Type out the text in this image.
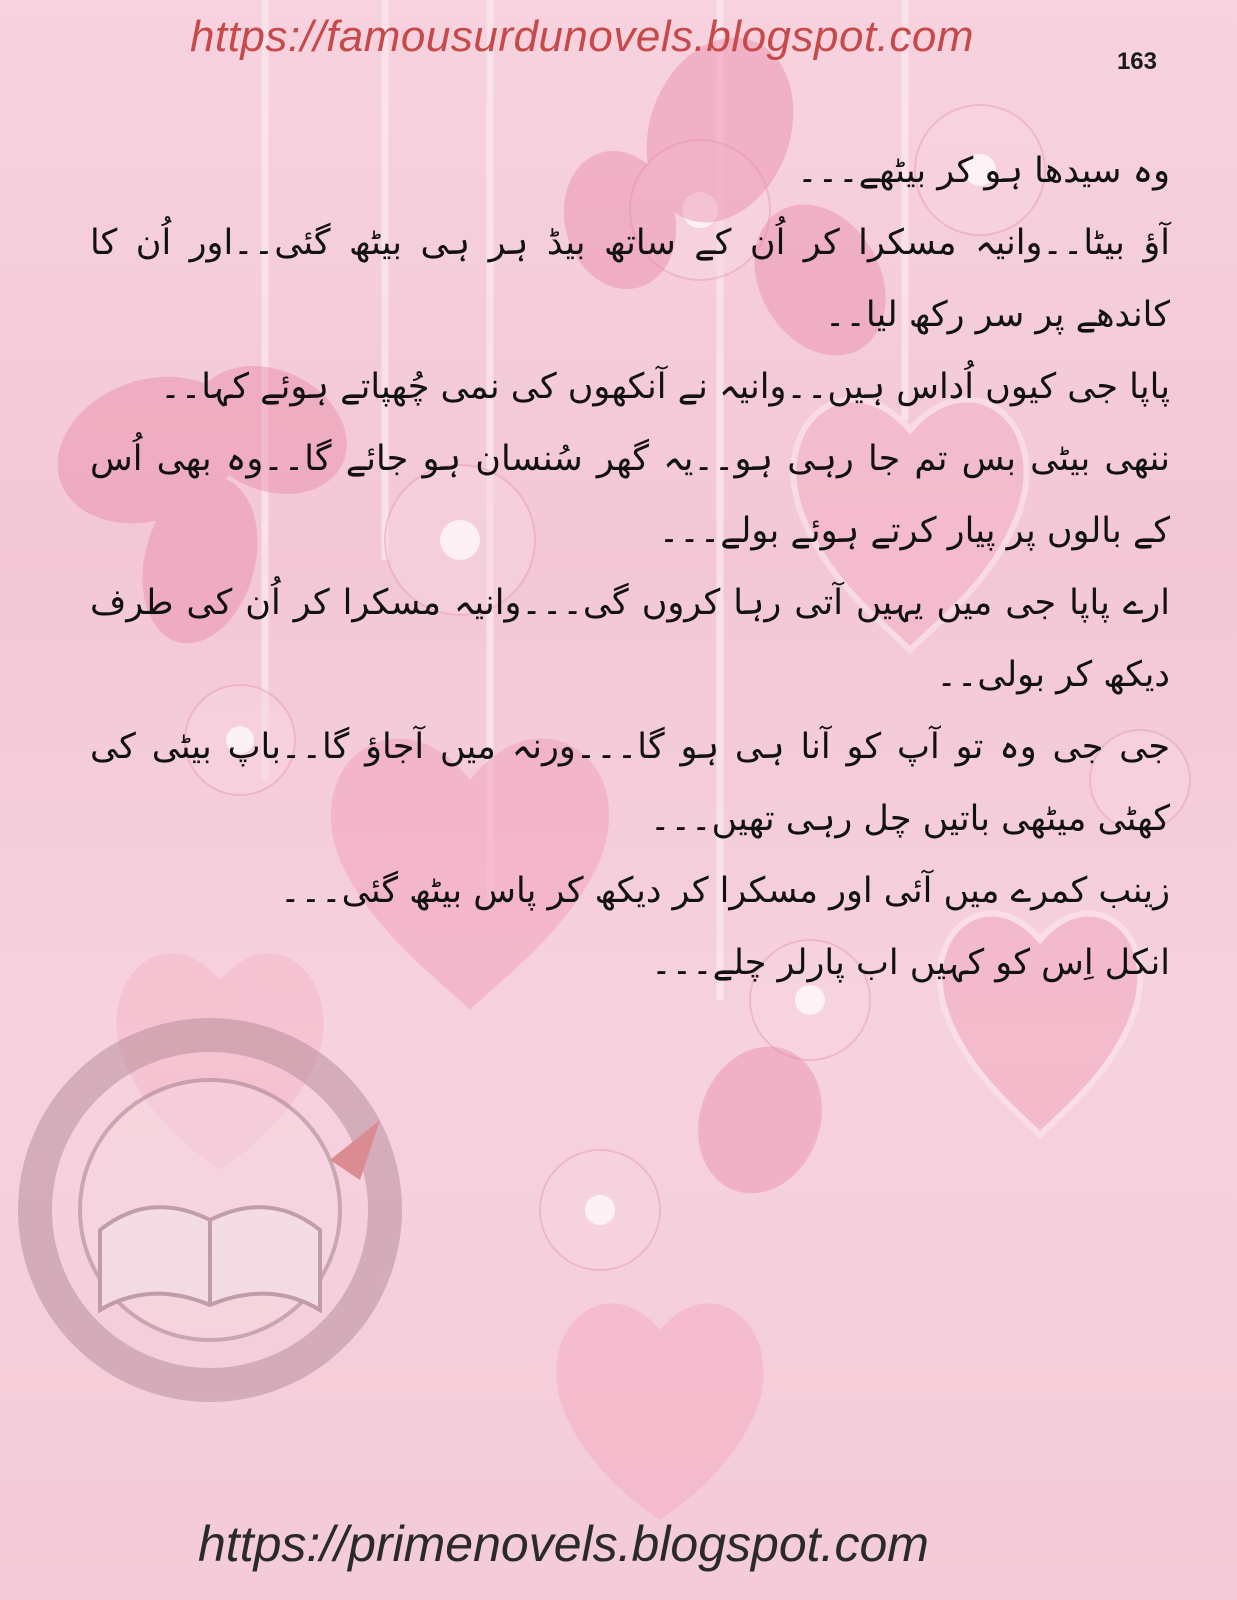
https://famousurdunovels.blogspot.com
163

وہ سیدھا ہو کر بیٹھے۔۔۔

آؤ بیٹا۔۔وانیہ مسکرا کر اُن کے ساتھ بیڈ ہر ہی بیٹھ گئی۔۔اور اُن کا کاندھے پر سر رکھ لیا۔۔

پاپا جی کیوں اُداس ہیں۔۔وانیہ نے آنکھوں کی نمی چُھپاتے ہوئے کہا۔۔

ننھی بیٹی بس تم جا رہی ہو۔۔یہ گھر سُنسان ہو جائے گا۔۔وہ بھی اُس کے بالوں پر پیار کرتے ہوئے بولے۔۔۔

ارے پاپا جی میں یہیں آتی رہا کروں گی۔۔۔وانیہ مسکرا کر اُن کی طرف دیکھ کر بولی۔۔

جی جی وہ تو آپ کو آنا ہی ہو گا۔۔۔ورنہ میں آجاؤ گا۔۔باپ بیٹی کی کھٹی میٹھی باتیں چل رہی تھیں۔۔۔

زینب کمرے میں آئی اور مسکرا کر دیکھ کر پاس بیٹھ گئی۔۔۔

انکل اِس کو کہیں اب پارلر چلے۔۔۔

https://primenovels.blogspot.com
